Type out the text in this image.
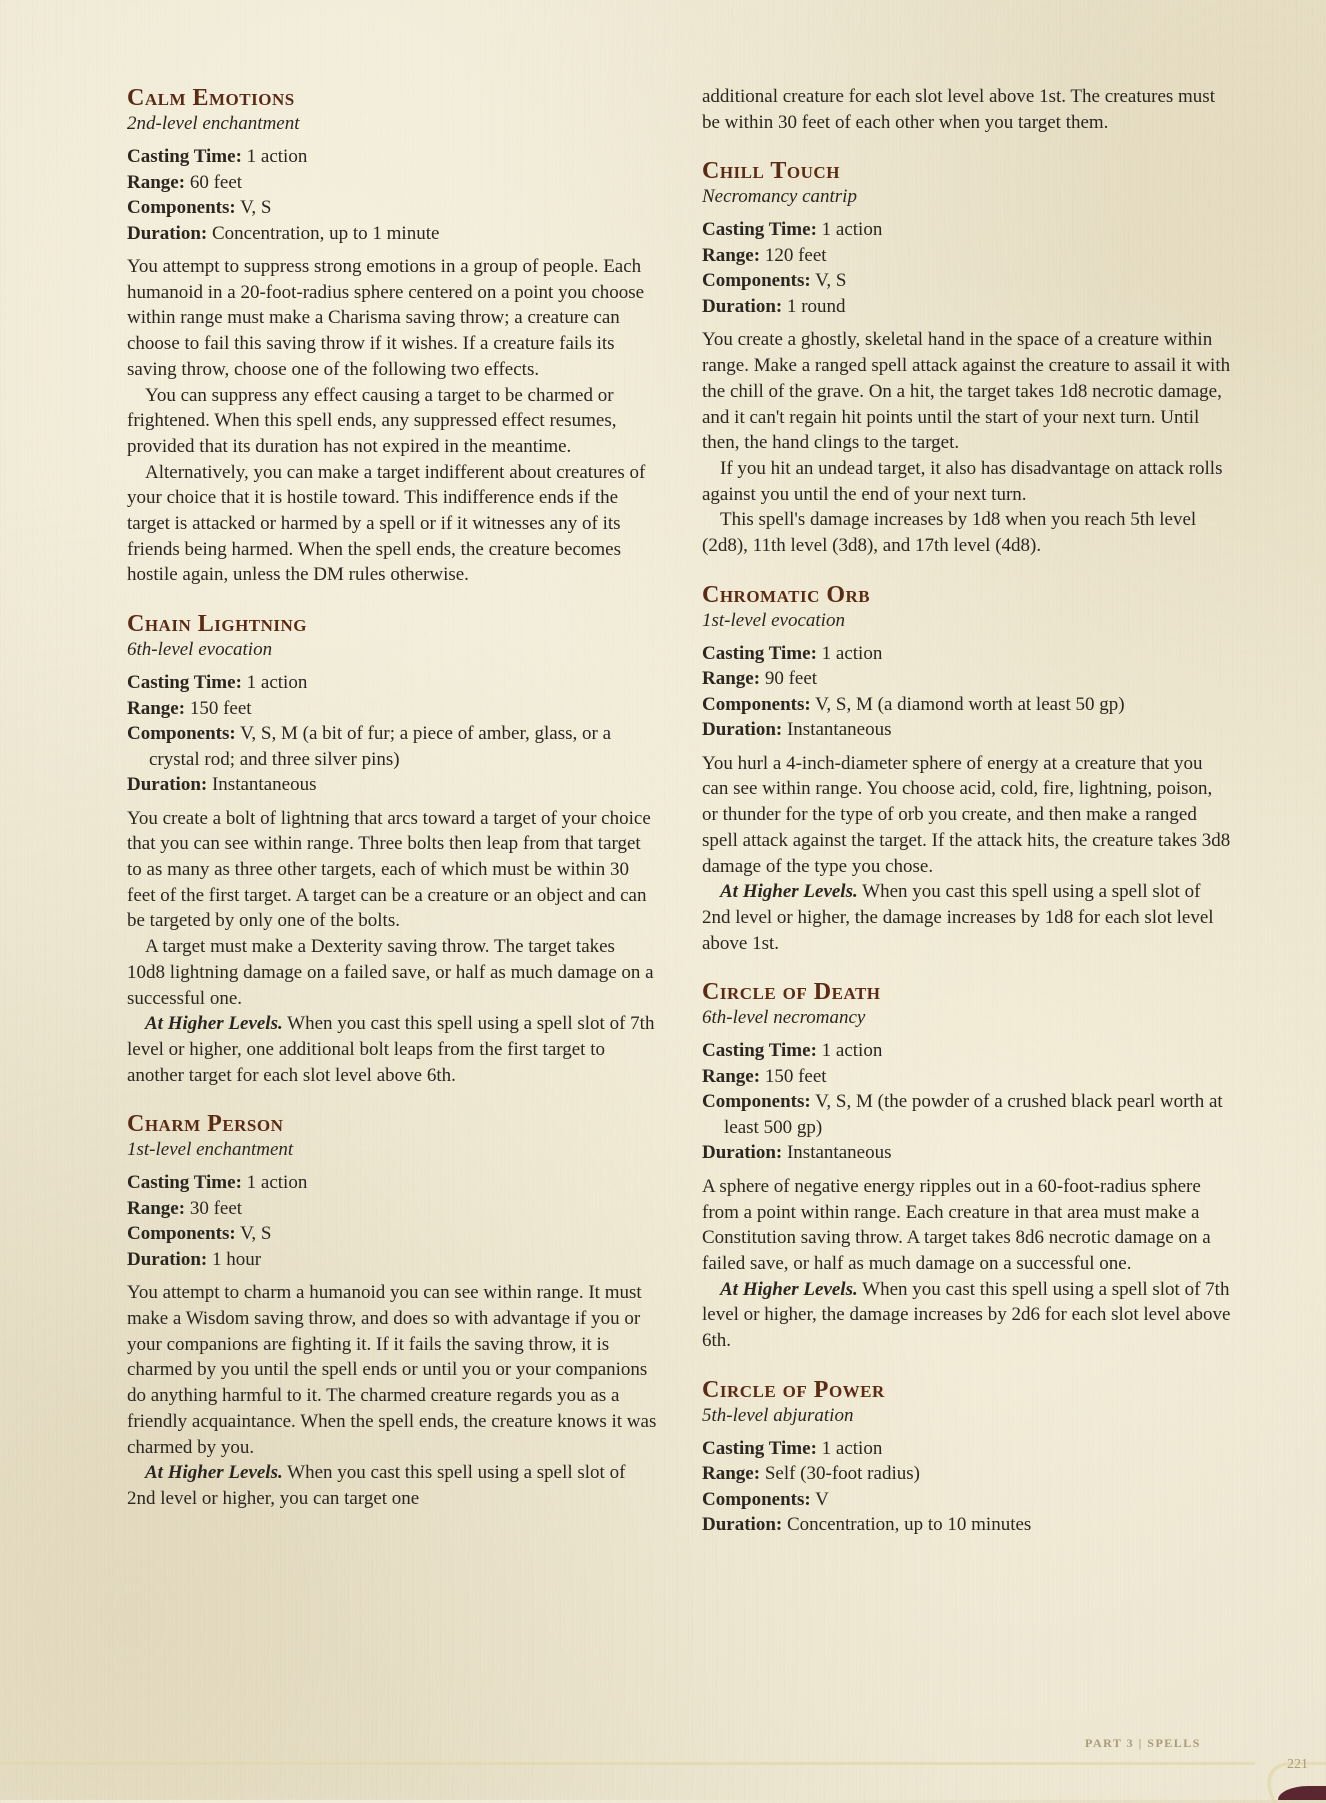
Calm Emotions
2nd-level enchantment
Casting Time: 1 action
Range: 60 feet
Components: V, S
Duration: Concentration, up to 1 minute

You attempt to suppress strong emotions in a group of people. Each humanoid in a 20-foot-radius sphere centered on a point you choose within range must make a Charisma saving throw; a creature can choose to fail this saving throw if it wishes. If a creature fails its saving throw, choose one of the following two effects.

You can suppress any effect causing a target to be charmed or frightened. When this spell ends, any suppressed effect resumes, provided that its duration has not expired in the meantime.

Alternatively, you can make a target indifferent about creatures of your choice that it is hostile toward. This indifference ends if the target is attacked or harmed by a spell or if it witnesses any of its friends being harmed. When the spell ends, the creature becomes hostile again, unless the DM rules otherwise.

Chain Lightning
6th-level evocation
Casting Time: 1 action
Range: 150 feet
Components: V, S, M (a bit of fur; a piece of amber, glass, or a crystal rod; and three silver pins)
Duration: Instantaneous

You create a bolt of lightning that arcs toward a target of your choice that you can see within range. Three bolts then leap from that target to as many as three other targets, each of which must be within 30 feet of the first target. A target can be a creature or an object and can be targeted by only one of the bolts.

A target must make a Dexterity saving throw. The target takes 10d8 lightning damage on a failed save, or half as much damage on a successful one.

At Higher Levels. When you cast this spell using a spell slot of 7th level or higher, one additional bolt leaps from the first target to another target for each slot level above 6th.

Charm Person
1st-level enchantment
Casting Time: 1 action
Range: 30 feet
Components: V, S
Duration: 1 hour

You attempt to charm a humanoid you can see within range. It must make a Wisdom saving throw, and does so with advantage if you or your companions are fighting it. If it fails the saving throw, it is charmed by you until the spell ends or until you or your companions do anything harmful to it. The charmed creature regards you as a friendly acquaintance. When the spell ends, the creature knows it was charmed by you.

At Higher Levels. When you cast this spell using a spell slot of 2nd level or higher, you can target one

additional creature for each slot level above 1st. The creatures must be within 30 feet of each other when you target them.

Chill Touch
Necromancy cantrip
Casting Time: 1 action
Range: 120 feet
Components: V, S
Duration: 1 round

You create a ghostly, skeletal hand in the space of a creature within range. Make a ranged spell attack against the creature to assail it with the chill of the grave. On a hit, the target takes 1d8 necrotic damage, and it can't regain hit points until the start of your next turn. Until then, the hand clings to the target.

If you hit an undead target, it also has disadvantage on attack rolls against you until the end of your next turn.

This spell's damage increases by 1d8 when you reach 5th level (2d8), 11th level (3d8), and 17th level (4d8).

Chromatic Orb
1st-level evocation
Casting Time: 1 action
Range: 90 feet
Components: V, S, M (a diamond worth at least 50 gp)
Duration: Instantaneous

You hurl a 4-inch-diameter sphere of energy at a creature that you can see within range. You choose acid, cold, fire, lightning, poison, or thunder for the type of orb you create, and then make a ranged spell attack against the target. If the attack hits, the creature takes 3d8 damage of the type you chose.

At Higher Levels. When you cast this spell using a spell slot of 2nd level or higher, the damage increases by 1d8 for each slot level above 1st.

Circle of Death
6th-level necromancy
Casting Time: 1 action
Range: 150 feet
Components: V, S, M (the powder of a crushed black pearl worth at least 500 gp)
Duration: Instantaneous

A sphere of negative energy ripples out in a 60-foot-radius sphere from a point within range. Each creature in that area must make a Constitution saving throw. A target takes 8d6 necrotic damage on a failed save, or half as much damage on a successful one.

At Higher Levels. When you cast this spell using a spell slot of 7th level or higher, the damage increases by 2d6 for each slot level above 6th.

Circle of Power
5th-level abjuration
Casting Time: 1 action
Range: Self (30-foot radius)
Components: V
Duration: Concentration, up to 10 minutes
PART 3 | SPELLS
221
